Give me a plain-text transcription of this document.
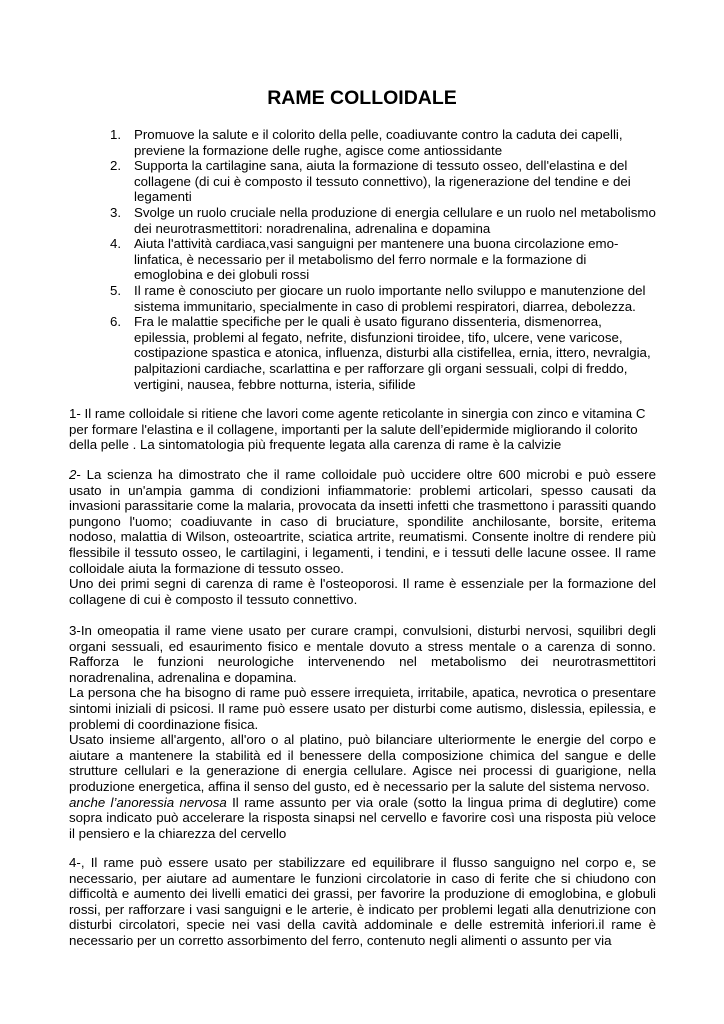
RAME COLLOIDALE
1. Promuove la salute e il colorito della pelle, coadiuvante contro la caduta dei capelli, previene la formazione delle rughe, agisce come antiossidante
2. Supporta la cartilagine sana, aiuta la formazione di tessuto osseo, dell'elastina e del collagene (di cui è composto il tessuto connettivo), la rigenerazione del tendine e dei legamenti
3. Svolge un ruolo cruciale nella produzione di energia cellulare e un ruolo nel metabolismo dei neurotrasmettitori: noradrenalina, adrenalina e dopamina
4. Aiuta l'attività cardiaca,vasi sanguigni per mantenere una buona circolazione emo-linfatica, è necessario per il metabolismo del ferro normale e la formazione di emoglobina e dei globuli rossi
5. Il rame è conosciuto per giocare un ruolo importante nello sviluppo e manutenzione del sistema immunitario, specialmente in caso di problemi respiratori, diarrea, debolezza.
6. Fra le malattie specifiche per le quali è usato figurano dissenteria, dismenorrea, epilessia, problemi al fegato, nefrite, disfunzioni tiroidee, tifo, ulcere, vene varicose, costipazione spastica e atonica, influenza, disturbi alla cistifellea, ernia, ittero, nevralgia, palpitazioni cardiache, scarlattina e per rafforzare gli organi sessuali, colpi di freddo, vertigini, nausea, febbre notturna, isteria, sifilide

1- Il rame colloidale si ritiene che lavori come agente reticolante in sinergia con zinco e vitamina C per formare l'elastina e il collagene, importanti per la salute dell’epidermide migliorando il colorito della pelle . La sintomatologia più frequente legata alla carenza di rame è la calvizie

2- La scienza ha dimostrato che il rame colloidale può uccidere oltre 600 microbi e può essere usato in un'ampia gamma di condizioni infiammatorie: problemi articolari, spesso causati da invasioni parassitarie come la malaria, provocata da insetti infetti che trasmettono i parassiti quando pungono l'uomo; coadiuvante in caso di bruciature, spondilite anchilosante, borsite, eritema nodoso, malattia di Wilson, osteoartrite, sciatica artrite, reumatismi. Consente inoltre di rendere più flessibile il tessuto osseo, le cartilagini, i legamenti, i tendini, e i tessuti delle lacune ossee. Il rame colloidale aiuta la formazione di tessuto osseo.

Uno dei primi segni di carenza di rame è l'osteoporosi. Il rame è essenziale per la formazione del collagene di cui è composto il tessuto connettivo.

3-In omeopatia il rame viene usato per curare crampi, convulsioni, disturbi nervosi, squilibri degli organi sessuali, ed esaurimento fisico e mentale dovuto a stress mentale o a carenza di sonno. Rafforza le funzioni neurologiche intervenendo nel metabolismo dei neurotrasmettitori noradrenalina, adrenalina e dopamina.

La persona che ha bisogno di rame può essere irrequieta, irritabile, apatica, nevrotica o presentare sintomi iniziali di psicosi. Il rame può essere usato per disturbi come autismo, dislessia, epilessia, e problemi di coordinazione fisica.

Usato insieme all'argento, all'oro o al platino, può bilanciare ulteriormente le energie del corpo e aiutare a mantenere la stabilità ed il benessere della composizione chimica del sangue e delle strutture cellulari e la generazione di energia cellulare. Agisce nei processi di guarigione, nella produzione energetica, affina il senso del gusto, ed è necessario per la salute del sistema nervoso.

anche l’anoressia nervosa Il rame assunto per via orale (sotto la lingua prima di deglutire) come sopra indicato può accelerare la risposta sinapsi nel cervello e favorire così una risposta più veloce il pensiero e la chiarezza del cervello

4-, Il rame può essere usato per stabilizzare ed equilibrare il flusso sanguigno nel corpo e, se necessario, per aiutare ad aumentare le funzioni circolatorie in caso di ferite che si chiudono con difficoltà e aumento dei livelli ematici dei grassi, per favorire la produzione di emoglobina, e globuli rossi, per rafforzare i vasi sanguigni e le arterie, è indicato per problemi legati alla denutrizione con disturbi circolatori, specie nei vasi della cavità addominale e delle estremità inferiori.il rame è necessario per un corretto assorbimento del ferro, contenuto negli alimenti o assunto per via
